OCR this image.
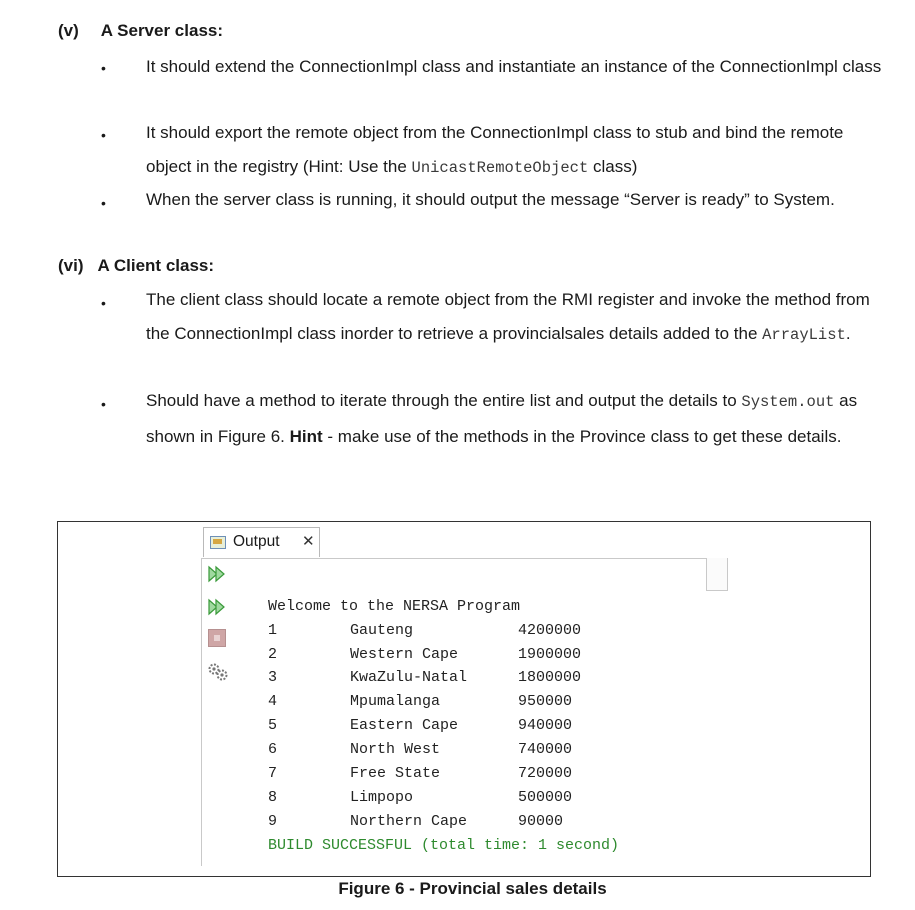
(v) A Server class:
• It should extend the ConnectionImpl class and instantiate an instance of the ConnectionImpl class
• It should export the remote object from the ConnectionImpl class to stub and bind the remote object in the registry (Hint: Use the UnicastRemoteObject class)
• When the server class is running, it should output the message “Server is ready” to System.
(vi) A Client class:
• The client class should locate a remote object from the RMI register and invoke the method from the ConnectionImpl class inorder to retrieve a provincialsales details added to the ArrayList.
• Should have a method to iterate through the entire list and output the details to System.out as shown in Figure 6. Hint - make use of the methods in the Province class to get these details.
Output ✕
Welcome to the NERSA Program
1	Gauteng	4200000
2	Western Cape	1900000
3	KwaZulu-Natal	1800000
4	Mpumalanga	950000
5	Eastern Cape	940000
6	North West	740000
7	Free State	720000
8	Limpopo	500000
9	Northern Cape	90000
BUILD SUCCESSFUL (total time: 1 second)
Figure 6 - Provincial sales details
